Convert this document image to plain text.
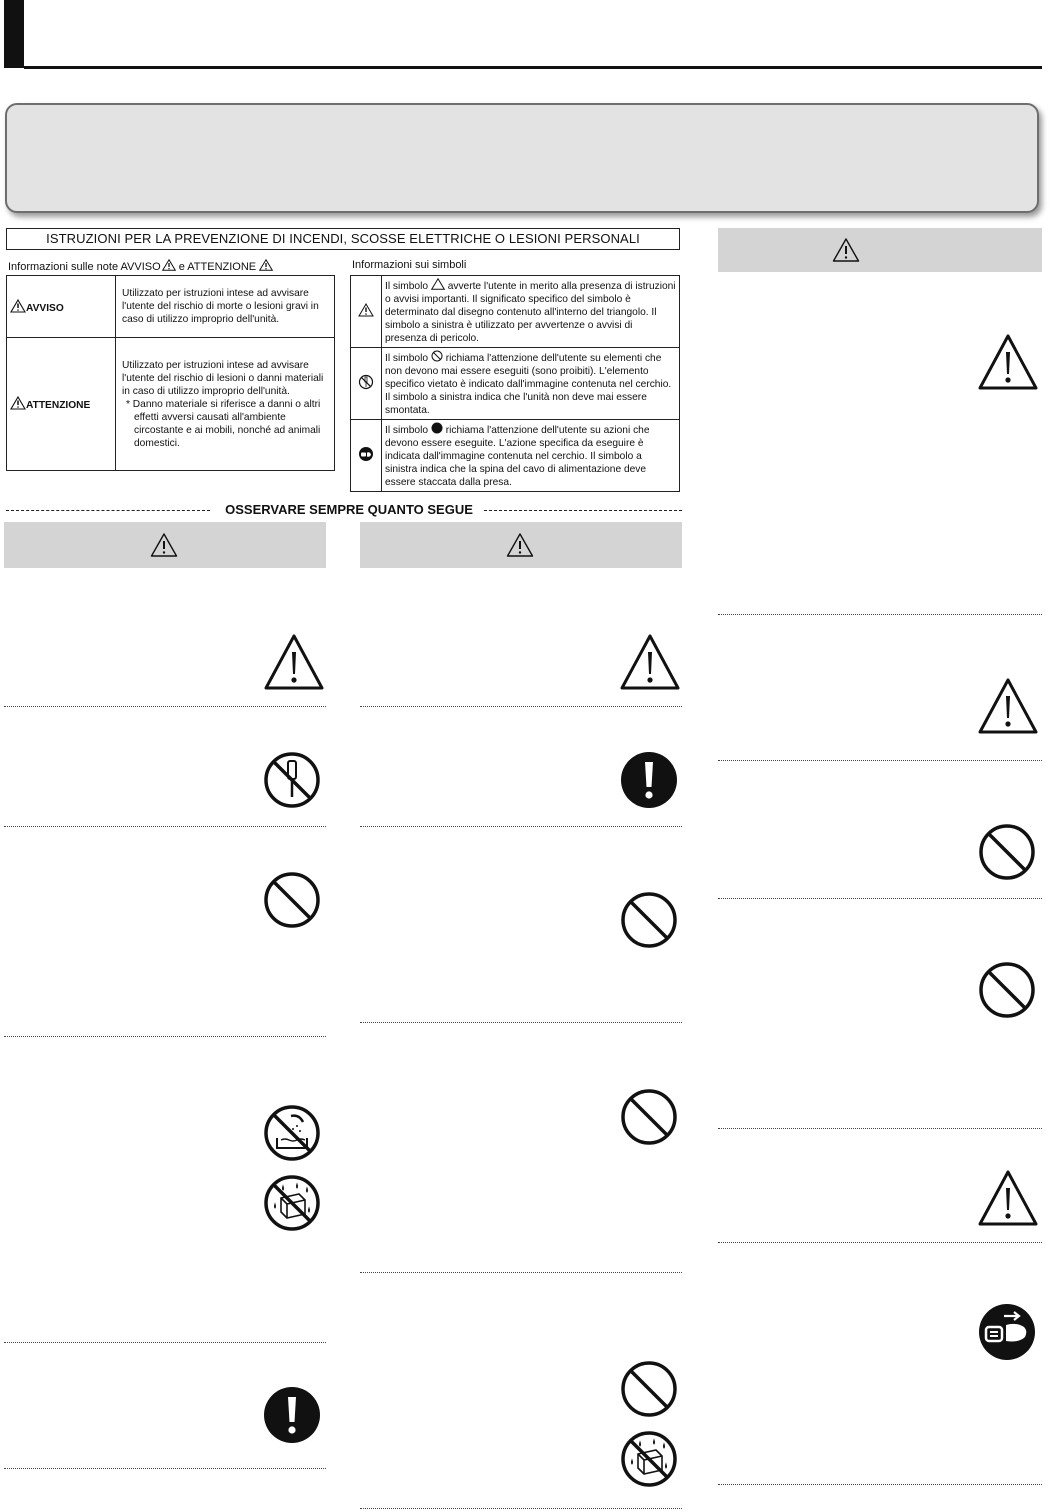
ISTRUZIONI PER LA PREVENZIONE DI INCENDI, SCOSSE ELETTRICHE O LESIONI PERSONALI
Informazioni sulle note AVVISO e ATTENZIONE	Informazioni sui simboli
AVVISO	Utilizzato per istruzioni intese ad avvisare l'utente del rischio di morte o lesioni gravi in caso di utilizzo improprio dell'unità.
ATTENZIONE	Utilizzato per istruzioni intese ad avvisare l'utente del rischio di lesioni o danni materiali in caso di utilizzo improprio dell'unità.
* Danno materiale si riferisce a danni o altri effetti avversi causati all'ambiente circostante e ai mobili, nonché ad animali domestici.
	Il simbolo  avverte l'utente in merito alla presenza di istruzioni o avvisi importanti. Il significato specifico del simbolo è determinato dal disegno contenuto all'interno del triangolo. Il simbolo a sinistra è utilizzato per avvertenze o avvisi di presenza di pericolo.
	Il simbolo  richiama l'attenzione dell'utente su elementi che non devono mai essere eseguiti (sono proibiti). L'elemento specifico vietato è indicato dall'immagine contenuta nel cerchio. Il simbolo a sinistra indica che l'unità non deve mai essere smontata.
	Il simbolo  richiama l'attenzione dell'utente su azioni che devono essere eseguite. L'azione specifica da eseguire è indicata dall'immagine contenuta nel cerchio. Il simbolo a sinistra indica che la spina del cavo di alimentazione deve essere staccata dalla presa.
OSSERVARE SEMPRE QUANTO SEGUE
